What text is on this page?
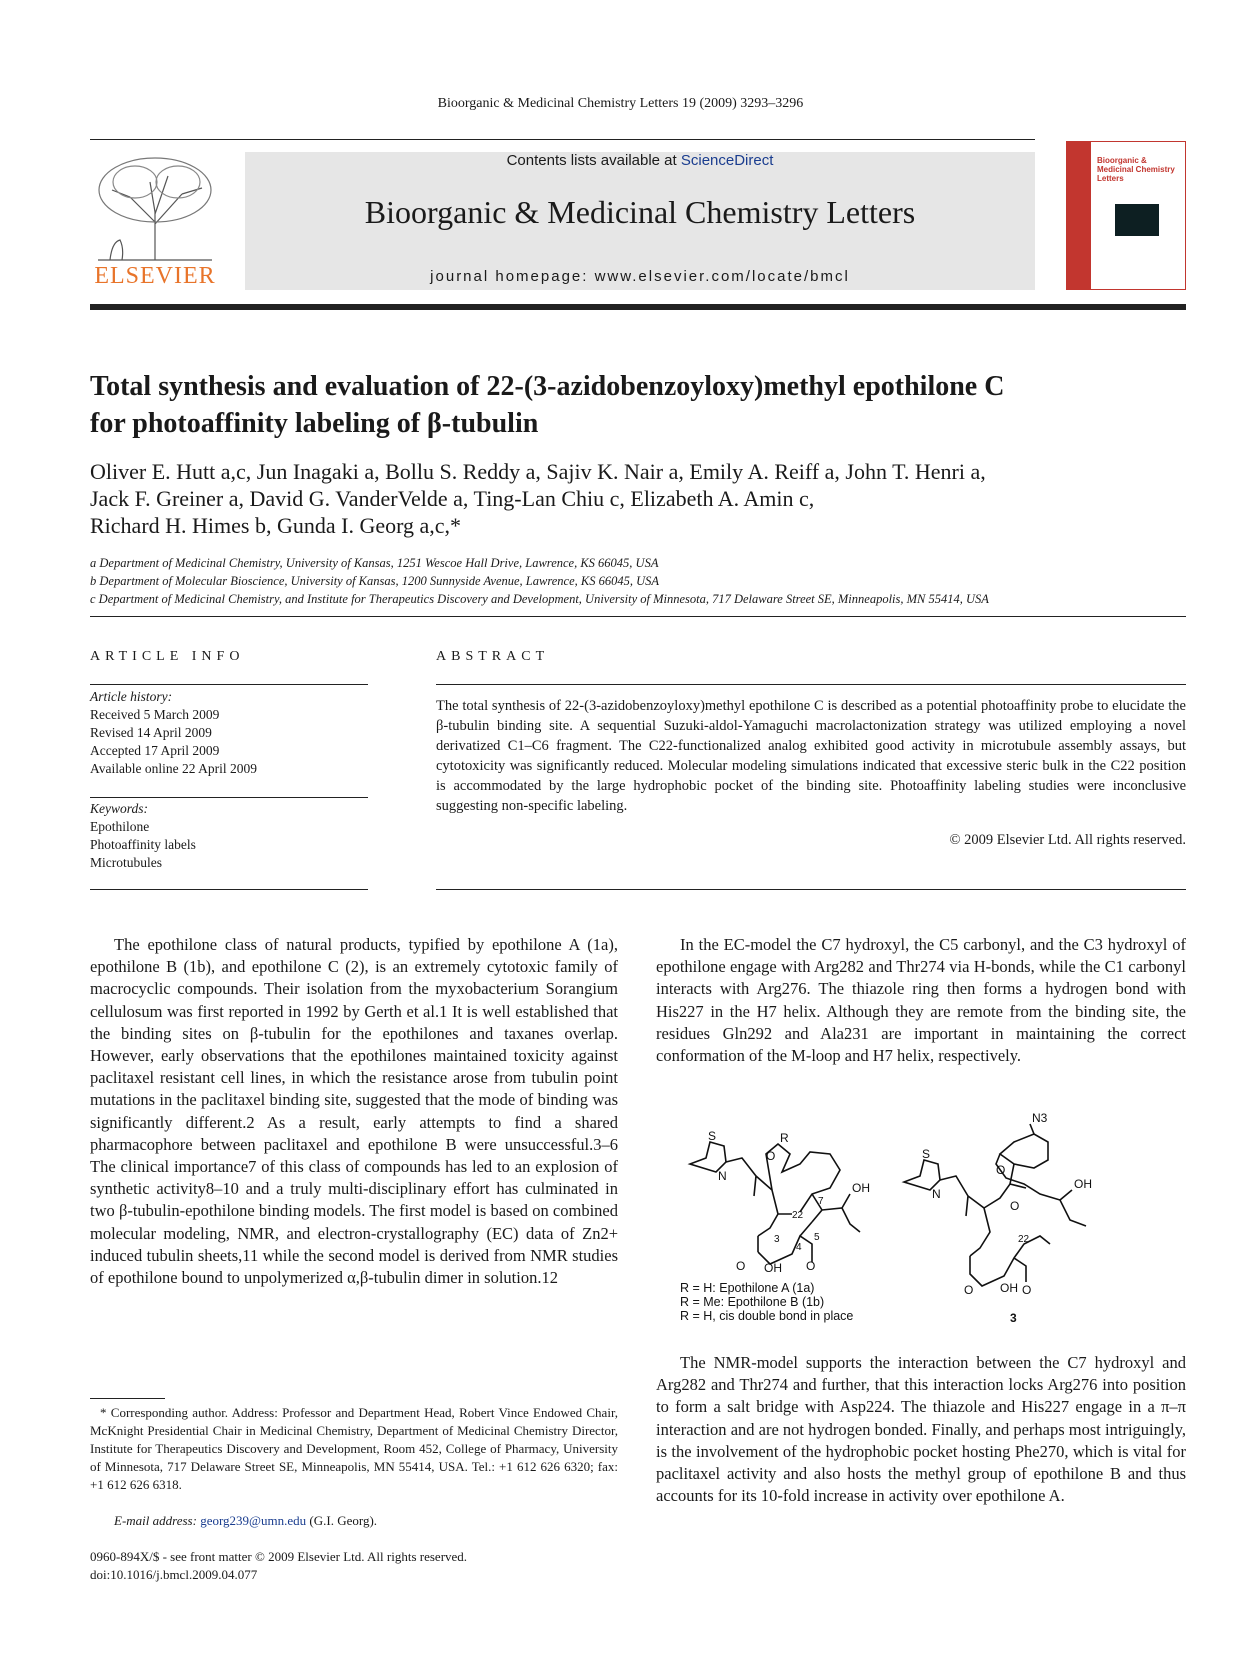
Bioorganic & Medicinal Chemistry Letters 19 (2009) 3293–3296
ELSEVIER
Contents lists available at ScienceDirect
Bioorganic & Medicinal Chemistry Letters
journal homepage: www.elsevier.com/locate/bmcl
Bioorganic & Medicinal Chemistry Letters
Total synthesis and evaluation of 22-(3-azidobenzoyloxy)methyl epothilone C
for photoaffinity labeling of β-tubulin
Oliver E. Hutt a,c, Jun Inagaki a, Bollu S. Reddy a, Sajiv K. Nair a, Emily A. Reiff a, John T. Henri a,
Jack F. Greiner a, David G. VanderVelde a, Ting-Lan Chiu c, Elizabeth A. Amin c,
Richard H. Himes b, Gunda I. Georg a,c,*
a Department of Medicinal Chemistry, University of Kansas, 1251 Wescoe Hall Drive, Lawrence, KS 66045, USA
b Department of Molecular Bioscience, University of Kansas, 1200 Sunnyside Avenue, Lawrence, KS 66045, USA
c Department of Medicinal Chemistry, and Institute for Therapeutics Discovery and Development, University of Minnesota, 717 Delaware Street SE, Minneapolis, MN 55414, USA
ARTICLE INFO
Article history:
Received 5 March 2009
Revised 14 April 2009
Accepted 17 April 2009
Available online 22 April 2009
Keywords:
Epothilone
Photoaffinity labels
Microtubules
ABSTRACT
The total synthesis of 22-(3-azidobenzoyloxy)methyl epothilone C is described as a potential photoaffinity probe to elucidate the β-tubulin binding site. A sequential Suzuki-aldol-Yamaguchi macrolactonization strategy was utilized employing a novel derivatized C1–C6 fragment. The C22-functionalized analog exhibited good activity in microtubule assembly assays, but cytotoxicity was significantly reduced. Molecular modeling simulations indicated that excessive steric bulk in the C22 position is accommodated by the large hydrophobic pocket of the binding site. Photoaffinity labeling studies were inconclusive suggesting non-specific labeling.
© 2009 Elsevier Ltd. All rights reserved.
The epothilone class of natural products, typified by epothilone A (1a), epothilone B (1b), and epothilone C (2), is an extremely cytotoxic family of macrocyclic compounds. Their isolation from the myxobacterium Sorangium cellulosum was first reported in 1992 by Gerth et al.1 It is well established that the binding sites on β-tubulin for the epothilones and taxanes overlap. However, early observations that the epothilones maintained toxicity against paclitaxel resistant cell lines, in which the resistance arose from tubulin point mutations in the paclitaxel binding site, suggested that the mode of binding was significantly different.2 As a result, early attempts to find a shared pharmacophore between paclitaxel and epothilone B were unsuccessful.3–6 The clinical importance7 of this class of compounds has led to an explosion of synthetic activity8–10 and a truly multi-disciplinary effort has culminated in two β-tubulin-epothilone binding models. The first model is based on combined molecular modeling, NMR, and electron-crystallography (EC) data of Zn2+ induced tubulin sheets,11 while the second model is derived from NMR studies of epothilone bound to unpolymerized α,β-tubulin dimer in solution.12
* Corresponding author. Address: Professor and Department Head, Robert Vince Endowed Chair, McKnight Presidential Chair in Medicinal Chemistry, Department of Medicinal Chemistry Director, Institute for Therapeutics Discovery and Development, Room 452, College of Pharmacy, University of Minnesota, 717 Delaware Street SE, Minneapolis, MN 55414, USA. Tel.: +1 612 626 6320; fax: +1 612 626 6318.
E-mail address: georg239@umn.edu (G.I. Georg).
0960-894X/$ - see front matter © 2009 Elsevier Ltd. All rights reserved.
doi:10.1016/j.bmcl.2009.04.077
In the EC-model the C7 hydroxyl, the C5 carbonyl, and the C3 hydroxyl of epothilone engage with Arg282 and Thr274 via H-bonds, while the C1 carbonyl interacts with Arg276. The thiazole ring then forms a hydrogen bond with His227 in the H7 helix. Although they are remote from the binding site, the residues Gln292 and Ala231 are important in maintaining the correct conformation of the M-loop and H7 helix, respectively.
S
N
R
O
22
7
3
4
5
OH
OH
O	O
R = H: Epothilone A (1a)
R = Me: Epothilone B (1b)
R = H, cis double bond in place
S
N
N3
O
O
22
OH
OH
O	O
3
The NMR-model supports the interaction between the C7 hydroxyl and Arg282 and Thr274 and further, that this interaction locks Arg276 into position to form a salt bridge with Asp224. The thiazole and His227 engage in a π–π interaction and are not hydrogen bonded. Finally, and perhaps most intriguingly, is the involvement of the hydrophobic pocket hosting Phe270, which is vital for paclitaxel activity and also hosts the methyl group of epothilone B and thus accounts for its 10-fold increase in activity over epothilone A.
